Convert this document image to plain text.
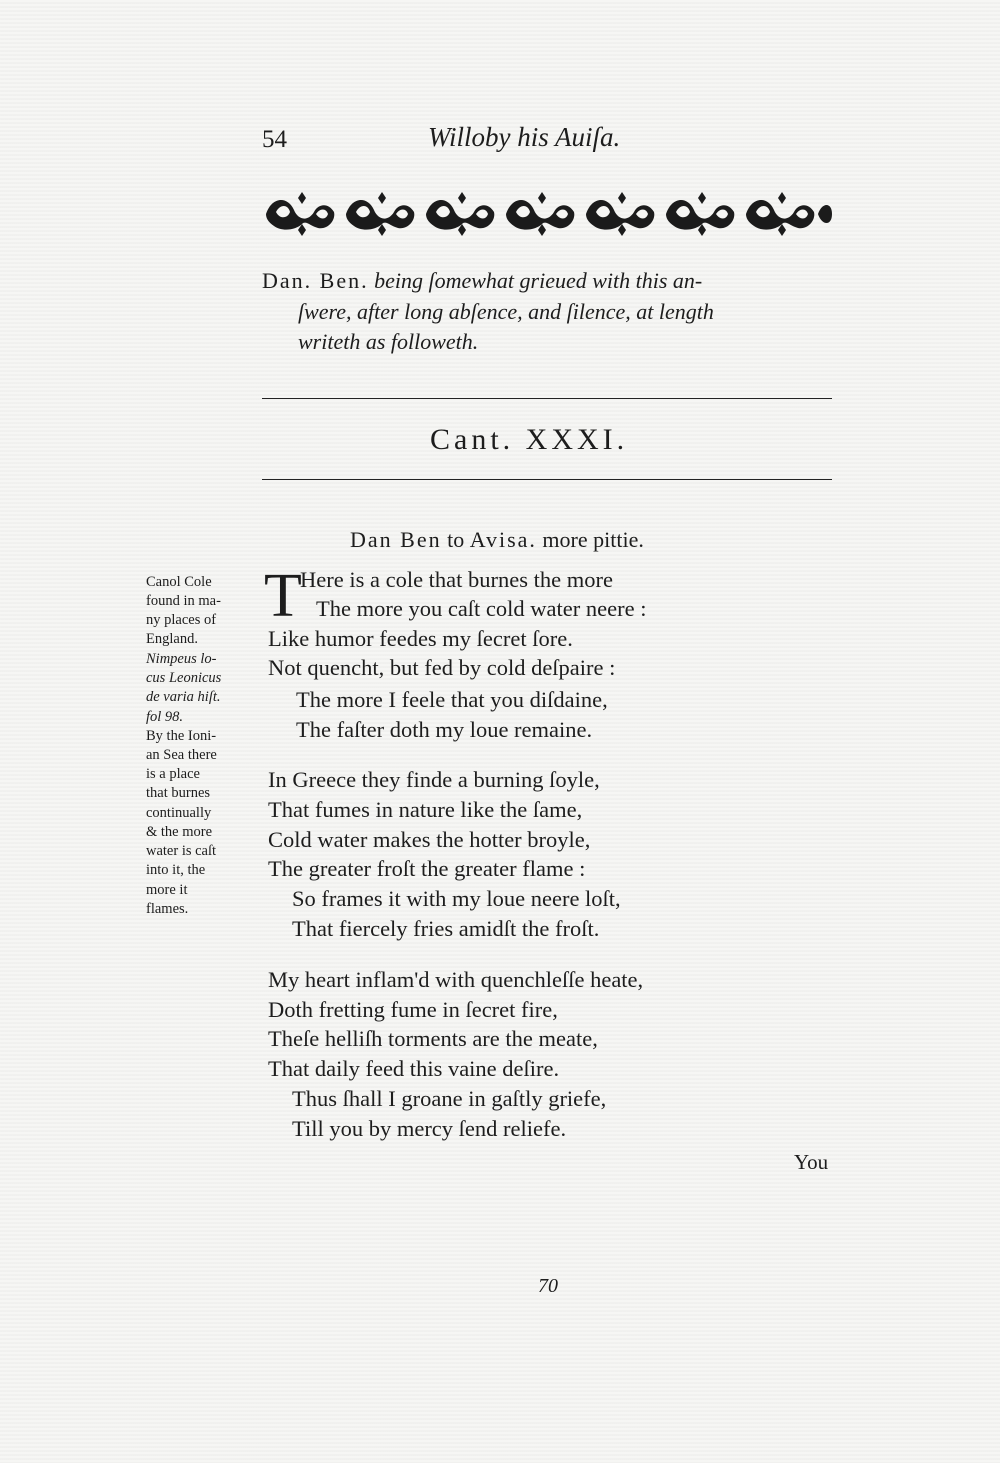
54	Willoby his Auiſa.
Dan. Ben. being ſomewhat grieued with this an-
ſwere, after long abſence, and ſilence, at length
writeth as followeth.
Cant. XXXI.
Dan Ben to Avisa. more pittie.
Canol Cole
found in ma-
ny places of
England.
Nimpeus lo-
cus Leonicus
de varia hiſt.
fol 98.
By the Ioni-
an Sea there
is a place
that burnes
continually
& the more
water is caſt
into it, the
more it
flames.
T
Here is a cole that burnes the more
The more you caſt cold water neere :
Like humor feedes my ſecret ſore.
Not quencht, but fed by cold deſpaire :
The more I feele that you diſdaine,
The faſter doth my loue remaine.
In Greece they finde a burning ſoyle,
That fumes in nature like the ſame,
Cold water makes the hotter broyle,
The greater froſt the greater flame :
So frames it with my loue neere loſt,
That fiercely fries amidſt the froſt.
My heart inflam'd with quenchleſſe heate,
Doth fretting fume in ſecret fire,
Theſe helliſh torments are the meate,
That daily feed this vaine deſire.
Thus ſhall I groane in gaſtly griefe,
Till you by mercy ſend reliefe.
You
70
